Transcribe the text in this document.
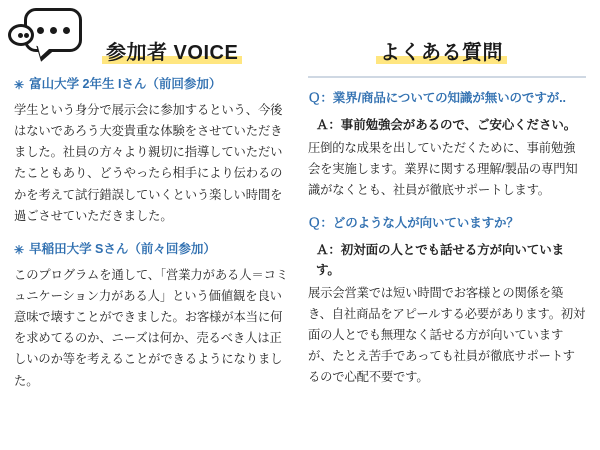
参加者 VOICE	よくある質問
✳ 富山大学 2年生 Iさん（前回参加）
学生という身分で展示会に参加するという、今後はないであろう大変貴重な体験をさせていただきました。社員の方々より親切に指導していただいたこともあり、どうやったら相手により伝わるのかを考えて試行錯誤していくという楽しい時間を過ごさせていただきました。
✳ 早稲田大学 Sさん（前々回参加）
このプログラムを通して、「営業力がある人＝コミュニケーション力がある人」という価値観を良い意味で壊すことができました。お客様が本当に何を求めてるのか、ニーズは何か、売るべき人は正しいのか等を考えることができるようになりました。
Ｑ：業界/商品についての知識が無いのですが..
Ａ：事前勉強会があるので、ご安心ください。
圧倒的な成果を出していただくために、事前勉強会を実施します。業界に関する理解/製品の専門知識がなくとも、社員が徹底サポートします。
Ｑ：どのような人が向いていますか？
Ａ：初対面の人とでも話せる方が向いています。
展示会営業では短い時間でお客様との関係を築き、自社商品をアピールする必要があります。初対面の人とでも無理なく話せる方が向いていますが、たとえ苦手であっても社員が徹底サポートするので心配不要です。
